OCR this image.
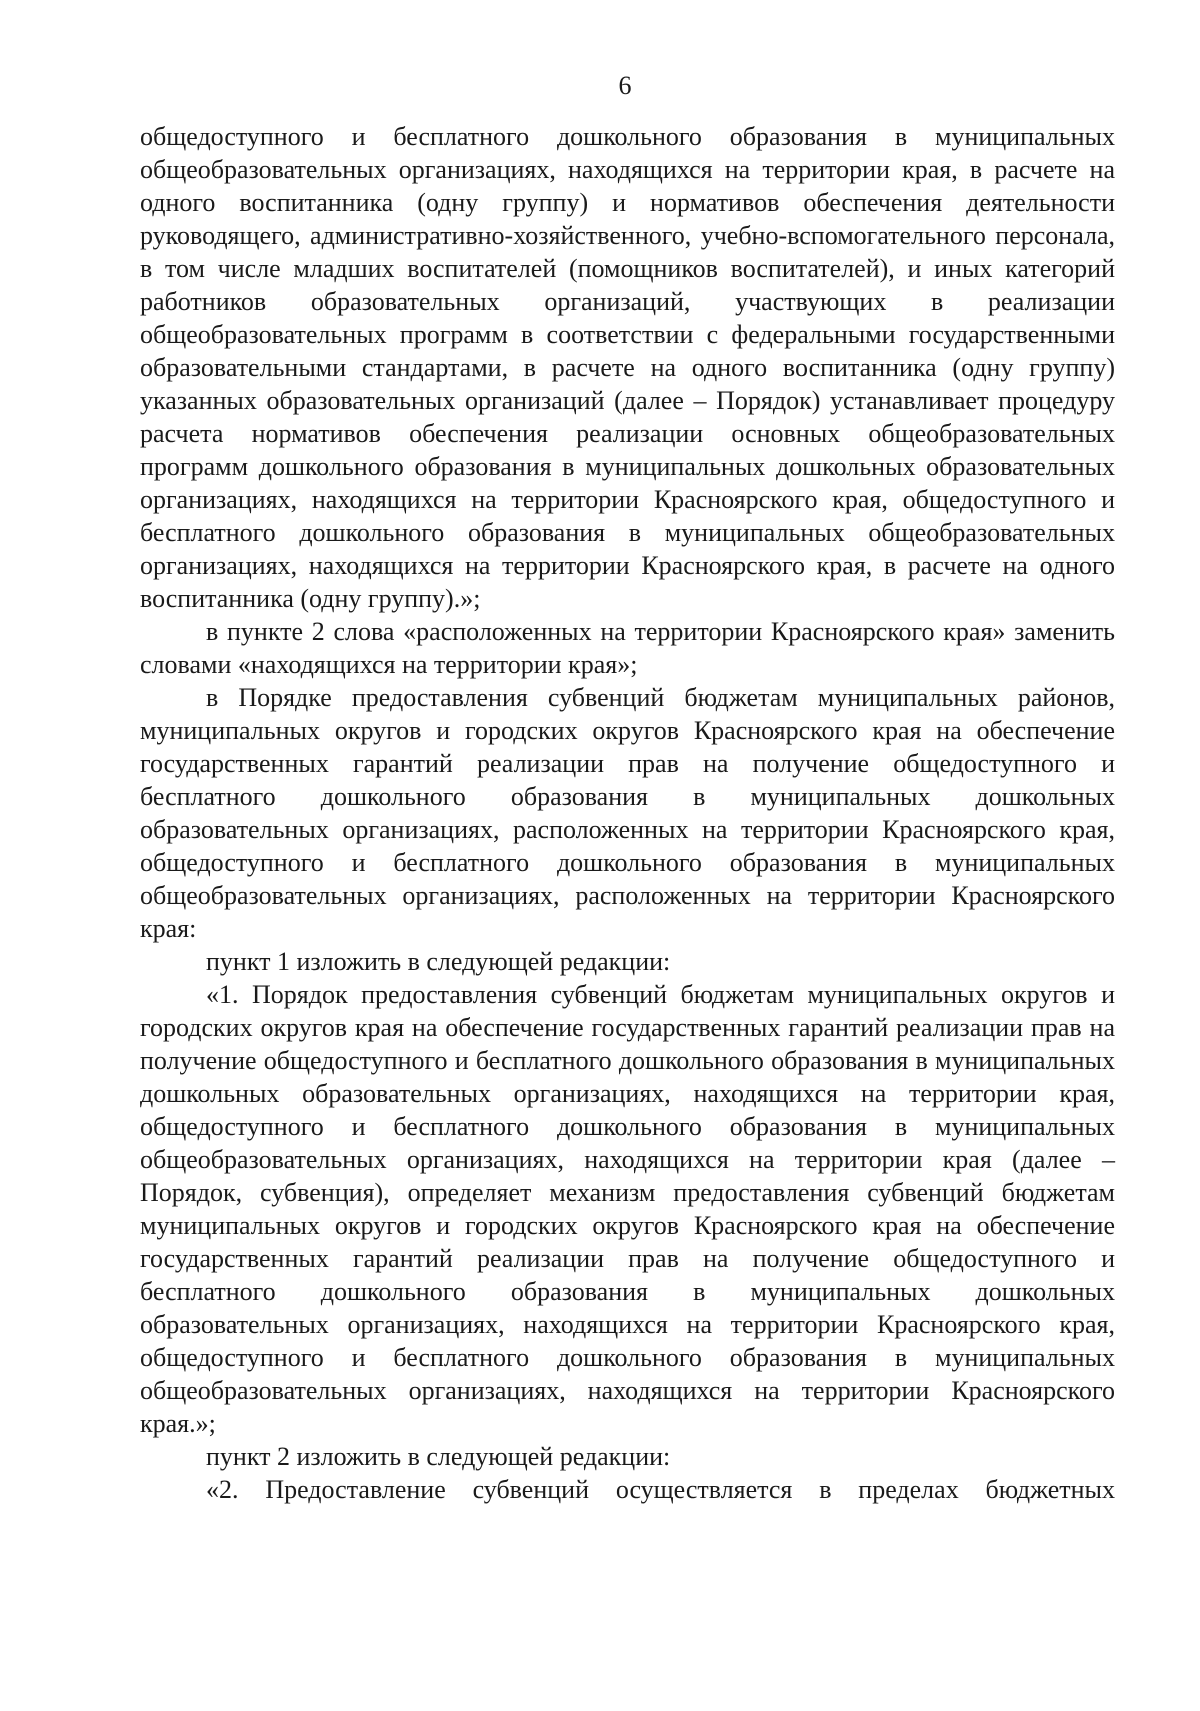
6

общедоступного и бесплатного дошкольного образования в муниципальных общеобразовательных организациях, находящихся на территории края, в расчете на одного воспитанника (одну группу) и нормативов обеспечения деятельности руководящего, административно-хозяйственного, учебно-вспомогательного персонала, в том числе младших воспитателей (помощников воспитателей), и иных категорий работников образовательных организаций, участвующих в реализации общеобразовательных программ в соответствии с федеральными государственными образовательными стандартами, в расчете на одного воспитанника (одну группу) указанных образовательных организаций (далее – Порядок) устанавливает процедуру расчета нормативов обеспечения реализации основных общеобразовательных программ дошкольного образования в муниципальных дошкольных образовательных организациях, находящихся на территории Красноярского края, общедоступного и бесплатного дошкольного образования в муниципальных общеобразовательных организациях, находящихся на территории Красноярского края, в расчете на одного воспитанника (одну группу).»;

в пункте 2 слова «расположенных на территории Красноярского края» заменить словами «находящихся на территории края»;

в Порядке предоставления субвенций бюджетам муниципальных районов, муниципальных округов и городских округов Красноярского края на обеспечение государственных гарантий реализации прав на получение общедоступного и бесплатного дошкольного образования в муниципальных дошкольных образовательных организациях, расположенных на территории Красноярского края, общедоступного и бесплатного дошкольного образования в муниципальных общеобразовательных организациях, расположенных на территории Красноярского края:

пункт 1 изложить в следующей редакции:

«1. Порядок предоставления субвенций бюджетам муниципальных округов и городских округов края на обеспечение государственных гарантий реализации прав на получение общедоступного и бесплатного дошкольного образования в муниципальных дошкольных образовательных организациях, находящихся на территории края, общедоступного и бесплатного дошкольного образования в муниципальных общеобразовательных организациях, находящихся на территории края (далее – Порядок, субвенция), определяет механизм предоставления субвенций бюджетам муниципальных округов и городских округов Красноярского края на обеспечение государственных гарантий реализации прав на получение общедоступного и бесплатного дошкольного образования в муниципальных дошкольных образовательных организациях, находящихся на территории Красноярского края, общедоступного и бесплатного дошкольного образования в муниципальных общеобразовательных организациях, находящихся на территории Красноярского края.»;

пункт 2 изложить в следующей редакции:

«2. Предоставление субвенций осуществляется в пределах бюджетных
